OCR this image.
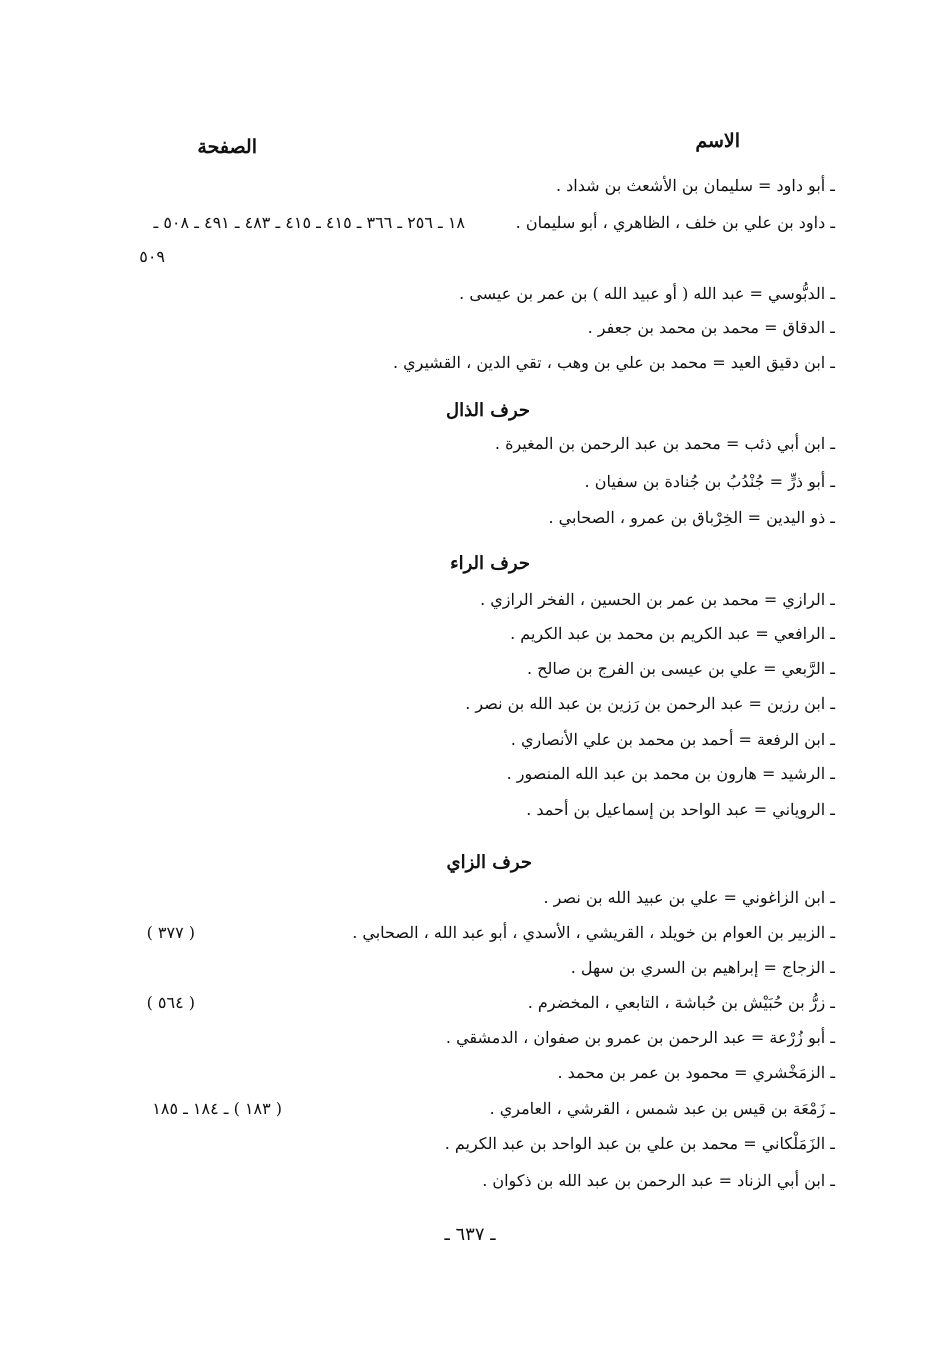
الاسم
الصفحة
ـ أبو داود = سليمان بن الأشعث بن شداد .
ـ داود بن علي بن خلف ، الظاهري ، أبو سليمان .
١٨ ـ ٢٥٦ ـ ٣٦٦ ـ ٤١٥ ـ ٤١٥ ـ ٤٨٣ ـ ٤٩١ ـ ٥٠٨ ـ
٥٠٩
ـ الدبُّوسي = عبد الله ( أو عبيد الله ) بن عمر بن عيسى .
ـ الدقاق = محمد بن محمد بن جعفر .
ـ ابن دقيق العيد = محمد بن علي بن وهب ، تقي الدين ، القشيري .
حرف الذال
ـ ابن أبي ذئب = محمد بن عبد الرحمن بن المغيرة .
ـ أبو ذرٍّ = جُنْدُبُ بن جُنادة بن سفيان .
ـ ذو اليدين = الخِرْباق بن عمرو ، الصحابي .
حرف الراء
ـ الرازي = محمد بن عمر بن الحسين ، الفخر الرازي .
ـ الرافعي = عبد الكريم بن محمد بن عبد الكريم .
ـ الرَّبعي = علي بن عيسى بن الفرج بن صالح .
ـ ابن رزين = عبد الرحمن بن رَزين بن عبد الله بن نصر .
ـ ابن الرفعة = أحمد بن محمد بن علي الأنصاري .
ـ الرشيد = هارون بن محمد بن عبد الله المنصور .
ـ الروياني = عبد الواحد بن إسماعيل بن أحمد .
حرف الزاي
ـ ابن الزاغوني = علي بن عبيد الله بن نصر .
ـ الزبير بن العوام بن خويلد ، القريشي ، الأسدي ، أبو عبد الله ، الصحابي .
( ٣٧٧ )
ـ الزجاج = إبراهيم بن السري بن سهل .
ـ زرُّ بن حُبَيْش بن حُباشة ، التابعي ، المخضرم .
( ٥٦٤ )
ـ أبو زُرْعة = عبد الرحمن بن عمرو بن صفوان ، الدمشقي .
ـ الزمَخْشري = محمود بن عمر بن محمد .
ـ زَمْعَة بن قيس بن عبد شمس ، القرشي ، العامري .
( ١٨٣ ) ـ ١٨٤ ـ ١٨٥
ـ الزَمَلْكاني = محمد بن علي بن عبد الواحد بن عبد الكريم .
ـ ابن أبي الزناد = عبد الرحمن بن عبد الله بن ذكوان .
ـ ٦٣٧ ـ
